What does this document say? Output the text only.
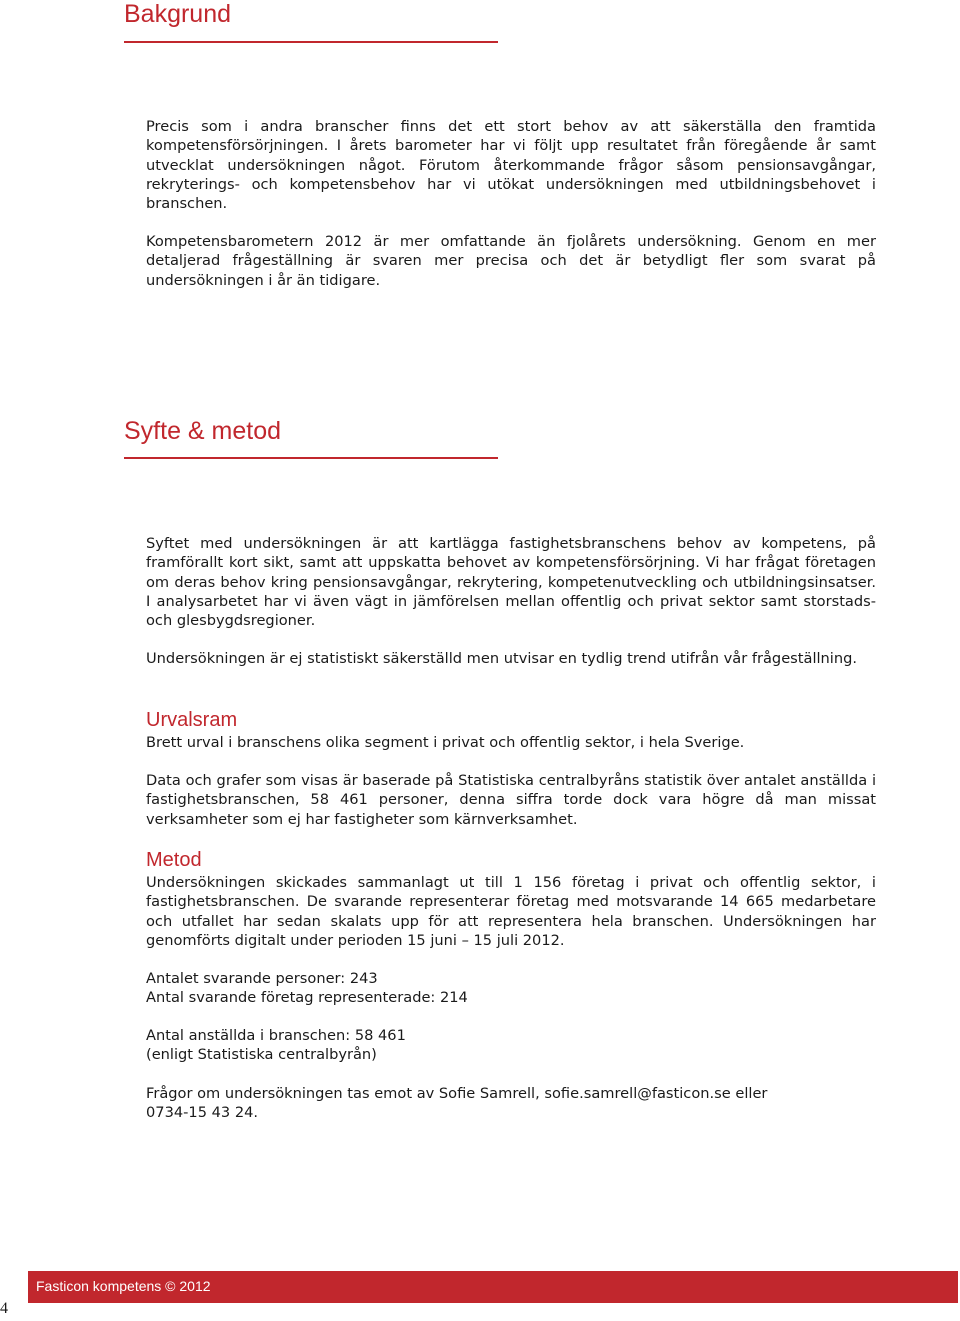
Bakgrund

Precis som i andra branscher finns det ett stort behov av att säkerställa den framtida kompetensförsörjningen. I årets barometer har vi följt upp resultatet från föregående år samt utvecklat undersökningen något. Förutom återkommande frågor såsom pensionsavgångar, rekryterings- och kompetensbehov har vi utökat undersökningen med utbildningsbehovet i branschen.

Kompetensbarometern 2012 är mer omfattande än fjolårets undersökning. Genom en mer detaljerad frågeställning är svaren mer precisa och det är betydligt fler som svarat på undersökningen i år än tidigare.

Syfte & metod

Syftet med undersökningen är att kartlägga fastighetsbranschens behov av kompetens, på framförallt kort sikt, samt att uppskatta behovet av kompetensförsörjning. Vi har frågat företagen om deras behov kring pensionsavgångar, rekrytering, kompetenutveckling och utbildningsinsatser. I analysarbetet har vi även vägt in jämförelsen mellan offentlig och privat sektor samt storstads- och glesbygdsregioner.

Undersökningen är ej statistiskt säkerställd men utvisar en tydlig trend utifrån vår frågeställning.

Urvalsram

Brett urval i branschens olika segment i privat och offentlig sektor, i hela Sverige.

Data och grafer som visas är baserade på Statistiska centralbyråns statistik över antalet anställda i fastighetsbranschen, 58 461 personer, denna siffra torde dock vara högre då man missat verksamheter som ej har fastigheter som kärnverksamhet.

Metod

Undersökningen skickades sammanlagt ut till 1 156 företag i privat och offentlig sektor, i fastighetsbranschen. De svarande representerar företag med motsvarande 14 665 medarbetare och utfallet har sedan skalats upp för att representera hela branschen. Undersökningen har genomförts digitalt under perioden 15 juni – 15 juli 2012.

Antalet svarande personer: 243

Antal svarande företag representerade: 214

Antal anställda i branschen: 58 461

(enligt Statistiska centralbyrån)

Frågor om undersökningen tas emot av Sofie Samrell, sofie.samrell@fasticon.se eller

0734-15 43 24.

Fasticon kompetens © 2012
4
